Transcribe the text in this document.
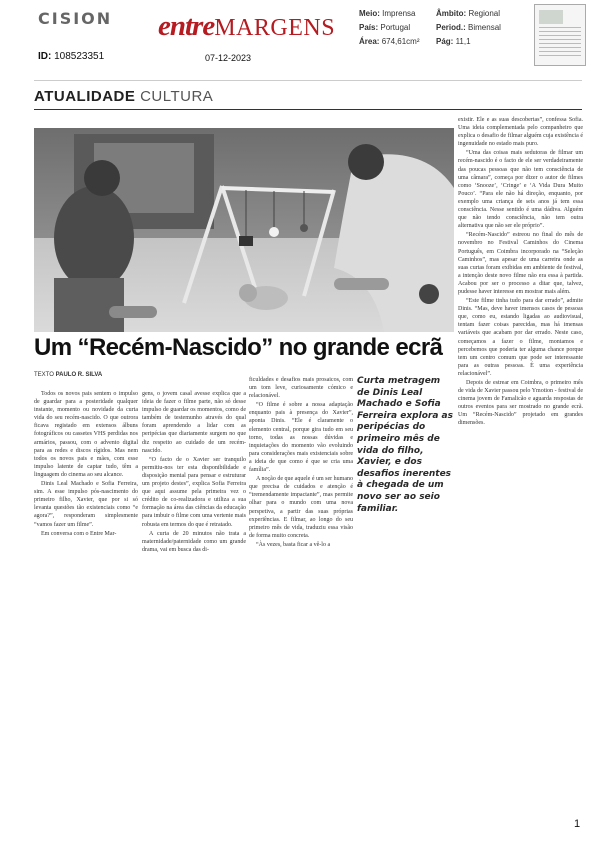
CISION
ID: 108523351
entreMARGENS
07-12-2023
Meio: Imprensa
País: Portugal
Área: 674,61cm²
Âmbito: Regional
Period.: Bimensal
Pág: 11,1
ATUALIDADE CULTURA

existir. Ele e as suas descobertas”, confessa Sofia. Uma ideia complementada pelo companheiro que explica o desafio de filmar alguém cuja existência é ingenuidade no estado mais puro.

“Uma das coisas mais sedutoras de filmar um recém-nascido é o facto de ele ser verdadeiramente das poucas pessoas que não tem consciência de uma câmara”, começa por dizer o autor de filmes como ‘Snooze’, ‘Cringe’ e ‘A Vida Dura Muito Pouco’. “Para ele não há direção, enquanto, por exemplo uma criança de seis anos já tem essa consciência. Nesse sentido é uma dádiva. Alguém que não tendo consciência, não tem outra alternativa que não ser ele próprio”.

“Recém-Nascido” estreou no final do mês de novembro no Festival Caminhos do Cinema Português, em Coimbra incorporado na “Seleção Caminhos”, mas apesar de uma carreira onde as suas curtas foram exibidas em ambiente de festival, a intenção deste novo filme não era essa à partida. Acabou por ser o processo a ditar que, talvez, pudesse haver interesse em mostrar mais além.

“Este filme tinha tudo para dar errado”, admite Dinis. “Mas, deve haver imensos casos de pessoas que, como eu, estando ligadas ao audiovisual, tentam fazer coisas parecidas, mas há imensas variáveis que acabam por dar errado. Neste caso, começamos a fazer o filme, montamos e percebemos que poderia ter alguma chance porque tem um centro comum que pode ser interessante para as outras pessoas. É uma experiência relacionável”.

Depois de estrear em Coimbra, o primeiro mês de vida de Xavier passou pelo Ymotion - festival de cinema jovem de Famalicão e aguarda respostas de outros eventos para ser mostrado no grande ecrã. Um “Recém-Nascido” projetado em grandes dimensões.

Um “Recém-Nascido” no grande ecrã
TEXTO PAULO R. SILVA

Todos os novos pais sentem o impulso de guardar para a posteridade qualquer instante, momento ou novidade da curta vida do seu recém-nascido. O que outrora ficava registado em extensos álbuns fotográficos ou cassetes VHS perdidas nos armários, passou, com o advento digital para as redes e discos rígidos. Mas nem todos os novos pais e mães, com esse impulso latente de captar tudo, têm a linguagem do cinema ao seu alcance.

Dinis Leal Machado e Sofia Ferreira, sim. A esse impulso pós-nascimento do primeiro filho, Xavier, que por si só levanta questões tão existenciais como “e agora?”, responderam simplesmente “vamos fazer um filme”.

Em conversa com o Entre Mar-

gens, o jovem casal avesse explica que a ideia de fazer o filme parte, não só desse impulso de guardar os momentos, como de também de testemunho através do qual foram aprendendo a lidar com as peripécias que diariamente surgem no que diz respeito ao cuidado de um recém-nascido.

“O facto de o Xavier ser tranquilo permitiu-nos ter esta disponibilidade e disposição mental para pensar e estruturar um projeto destes”, explica Sofia Ferreira que aqui assume pela primeira vez o crédito de co-realizadora e utiliza a sua formação na área das ciências da educação para imbuir o filme com uma vertente mais robusta em termos do que é retratado.

A curta de 20 minutos não trata a maternidade/paternidade como um grande drama, vai em busca das di-

ficuldades e desafios mais prosaicos, com um tom leve, curiosamente cómico e relacionável.

“O filme é sobre a nossa adaptação enquanto pais à presença do Xavier”, aponta Dinis. “Ele é claramente o elemento central, porque gira tudo em seu torno, todas as nossas dúvidas e inquietações do momento vão evoluindo para considerações mais existenciais sobre a ideia de que como é que se cria uma família”.

A noção de que aquele é um ser humano que precisa de cuidados e atenção é “tremendamente impactante”, mas permite olhar para o mundo com uma nova perspetiva, a partir das suas próprias experiências. E filmar, ao longo do seu primeiro mês de vida, traduziu essa visão de forma muito concreta.

“Às vezes, basta ficar a vê-lo a

Curta metragem de Dinis Leal Machado e Sofia Ferreira explora as peripécias do primeiro mês de vida do filho, Xavier, e dos desafios inerentes à chegada de um novo ser ao seio familiar.
1
